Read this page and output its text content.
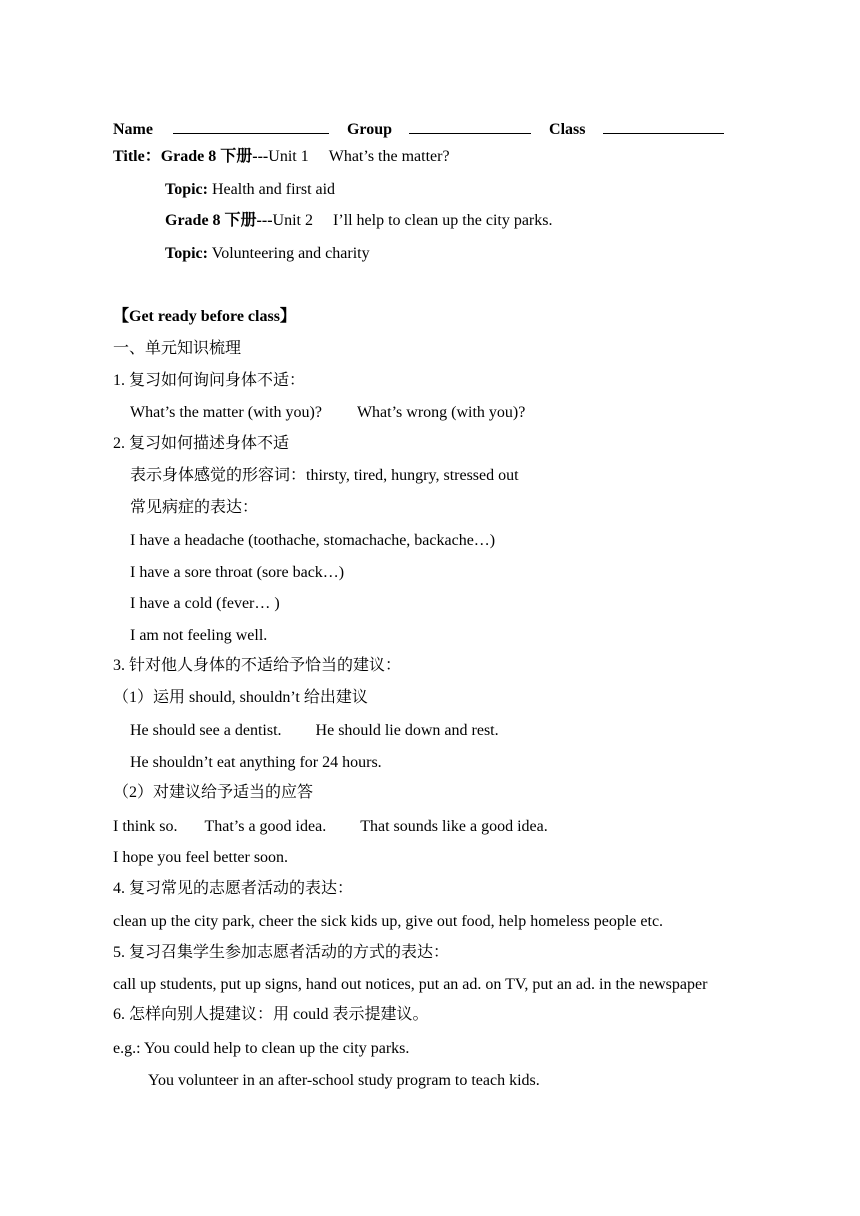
Name	Group	Class
Title：Grade 8 下册---Unit 1 What’s the matter?
Topic: Health and first aid
Grade 8 下册---Unit 2 I’ll help to clean up the city parks.
Topic: Volunteering and charity
【Get ready before class】
一、单元知识梳理
1. 复习如何询问身体不适：
What’s the matter (with you)? What’s wrong (with you)?
2. 复习如何描述身体不适
表示身体感觉的形容词：thirsty, tired, hungry, stressed out
常见病症的表达：
I have a headache (toothache, stomachache, backache…)
I have a sore throat (sore back…)
I have a cold (fever… )
I am not feeling well.
3. 针对他人身体的不适给予恰当的建议：
（1）运用 should, shouldn’t 给出建议
He should see a dentist. He should lie down and rest.
He shouldn’t eat anything for 24 hours.
（2）对建议给予适当的应答
I think so. That’s a good idea. That sounds like a good idea.
I hope you feel better soon.
4. 复习常见的志愿者活动的表达：
clean up the city park, cheer the sick kids up, give out food, help homeless people etc.
5. 复习召集学生参加志愿者活动的方式的表达：
call up students, put up signs, hand out notices, put an ad. on TV, put an ad. in the newspaper
6. 怎样向别人提建议：用 could 表示提建议。
e.g.: You could help to clean up the city parks.
You volunteer in an after-school study program to teach kids.
